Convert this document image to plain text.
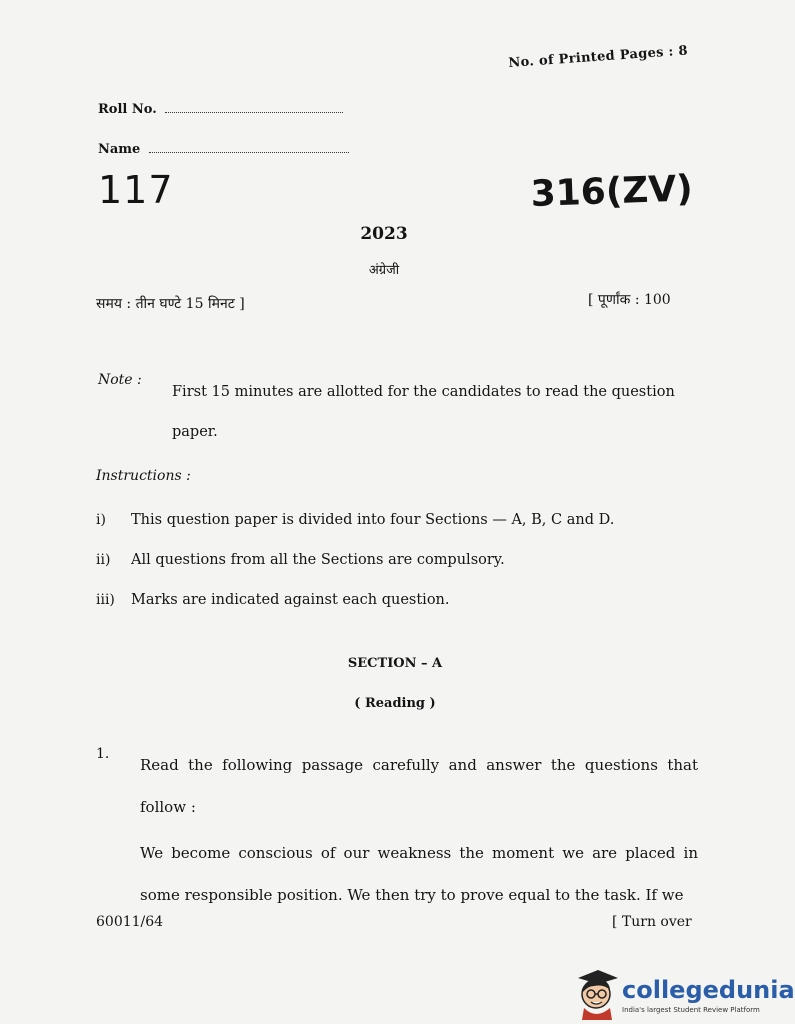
No. of Printed Pages : 8
Roll No.
Name
117	316(ZV)
2023
अंग्रेजी
समय : तीन घण्टे 15 मिनट ]	[ पूर्णांक : 100
Note :
First 15 minutes are allotted for the candidates to read the question paper.
Instructions :
i) This question paper is divided into four Sections — A, B, C and D.
ii) All questions from all the Sections are compulsory.
iii) Marks are indicated against each question.
SECTION – A
( Reading )
1.
Read the following passage carefully and answer the questions that follow :
We become conscious of our weakness the moment we are placed in some responsible position. We then try to prove equal to the task. If we
60011/64	[ Turn over
collegedunia
India's largest Student Review Platform
